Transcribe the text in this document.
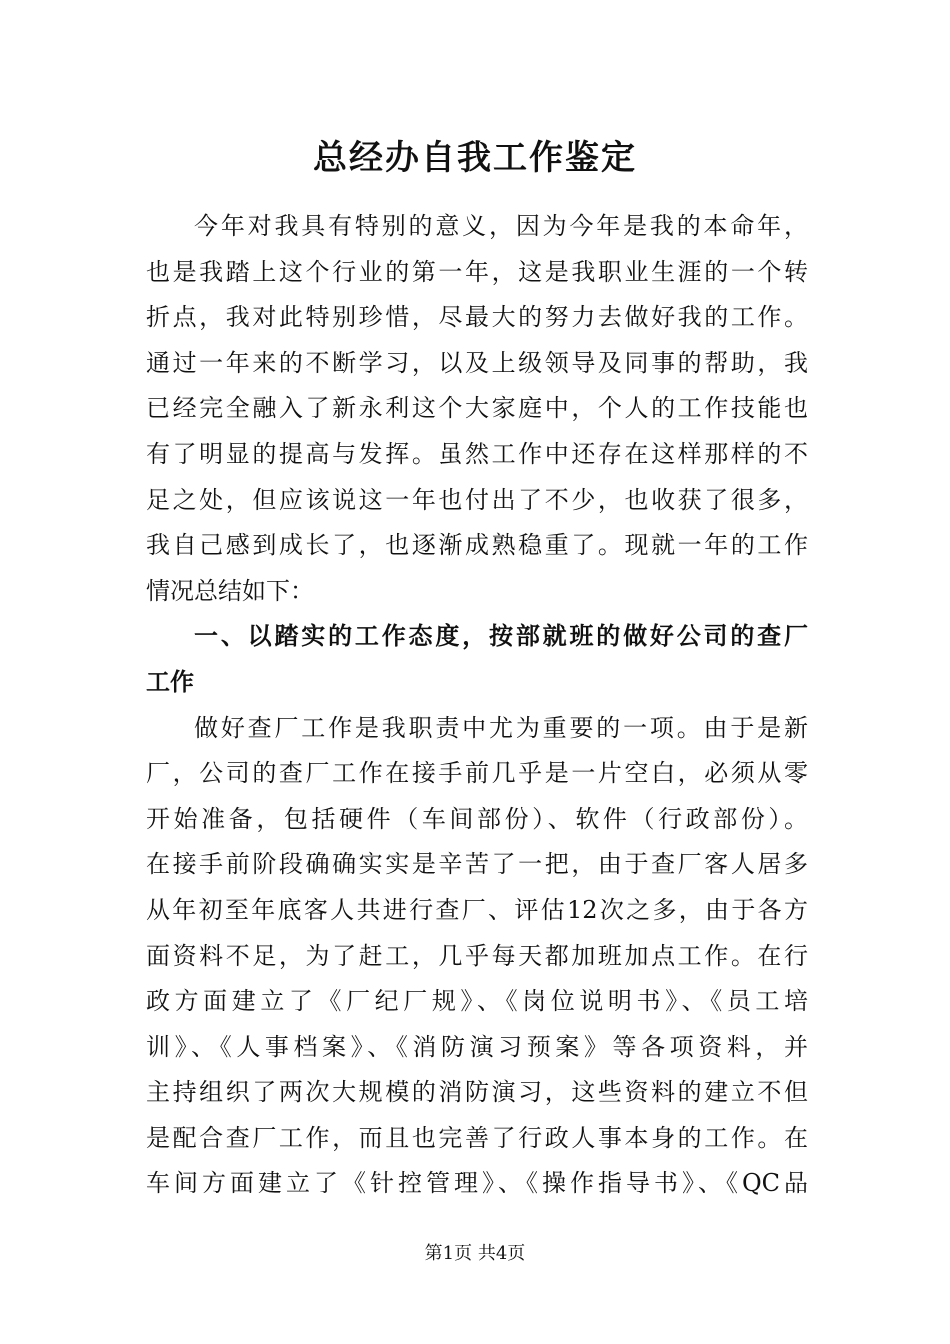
总经办自我工作鉴定
今年对我具有特别的意义，因为今年是我的本命年，
也是我踏上这个行业的第一年，这是我职业生涯的一个转
折点，我对此特别珍惜，尽最大的努力去做好我的工作。
通过一年来的不断学习，以及上级领导及同事的帮助，我
已经完全融入了新永利这个大家庭中，个人的工作技能也
有了明显的提高与发挥。虽然工作中还存在这样那样的不
足之处，但应该说这一年也付出了不少，也收获了很多，
我自己感到成长了，也逐渐成熟稳重了。现就一年的工作
情况总结如下：
一、以踏实的工作态度，按部就班的做好公司的查厂
工作
做好查厂工作是我职责中尤为重要的一项。由于是新
厂，公司的查厂工作在接手前几乎是一片空白，必须从零
开始准备，包括硬件（车间部份）、软件（行政部份）。
在接手前阶段确确实实是辛苦了一把，由于查厂客人居多
从年初至年底客人共进行查厂、评估12次之多，由于各方
面资料不足，为了赶工，几乎每天都加班加点工作。在行
政方面建立了《厂纪厂规》、《岗位说明书》、《员工培
训》、《人事档案》、《消防演习预案》等各项资料，并
主持组织了两次大规模的消防演习，这些资料的建立不但
是配合查厂工作，而且也完善了行政人事本身的工作。在
车间方面建立了《针控管理》、《操作指导书》、《QC品
第1页 共4页
